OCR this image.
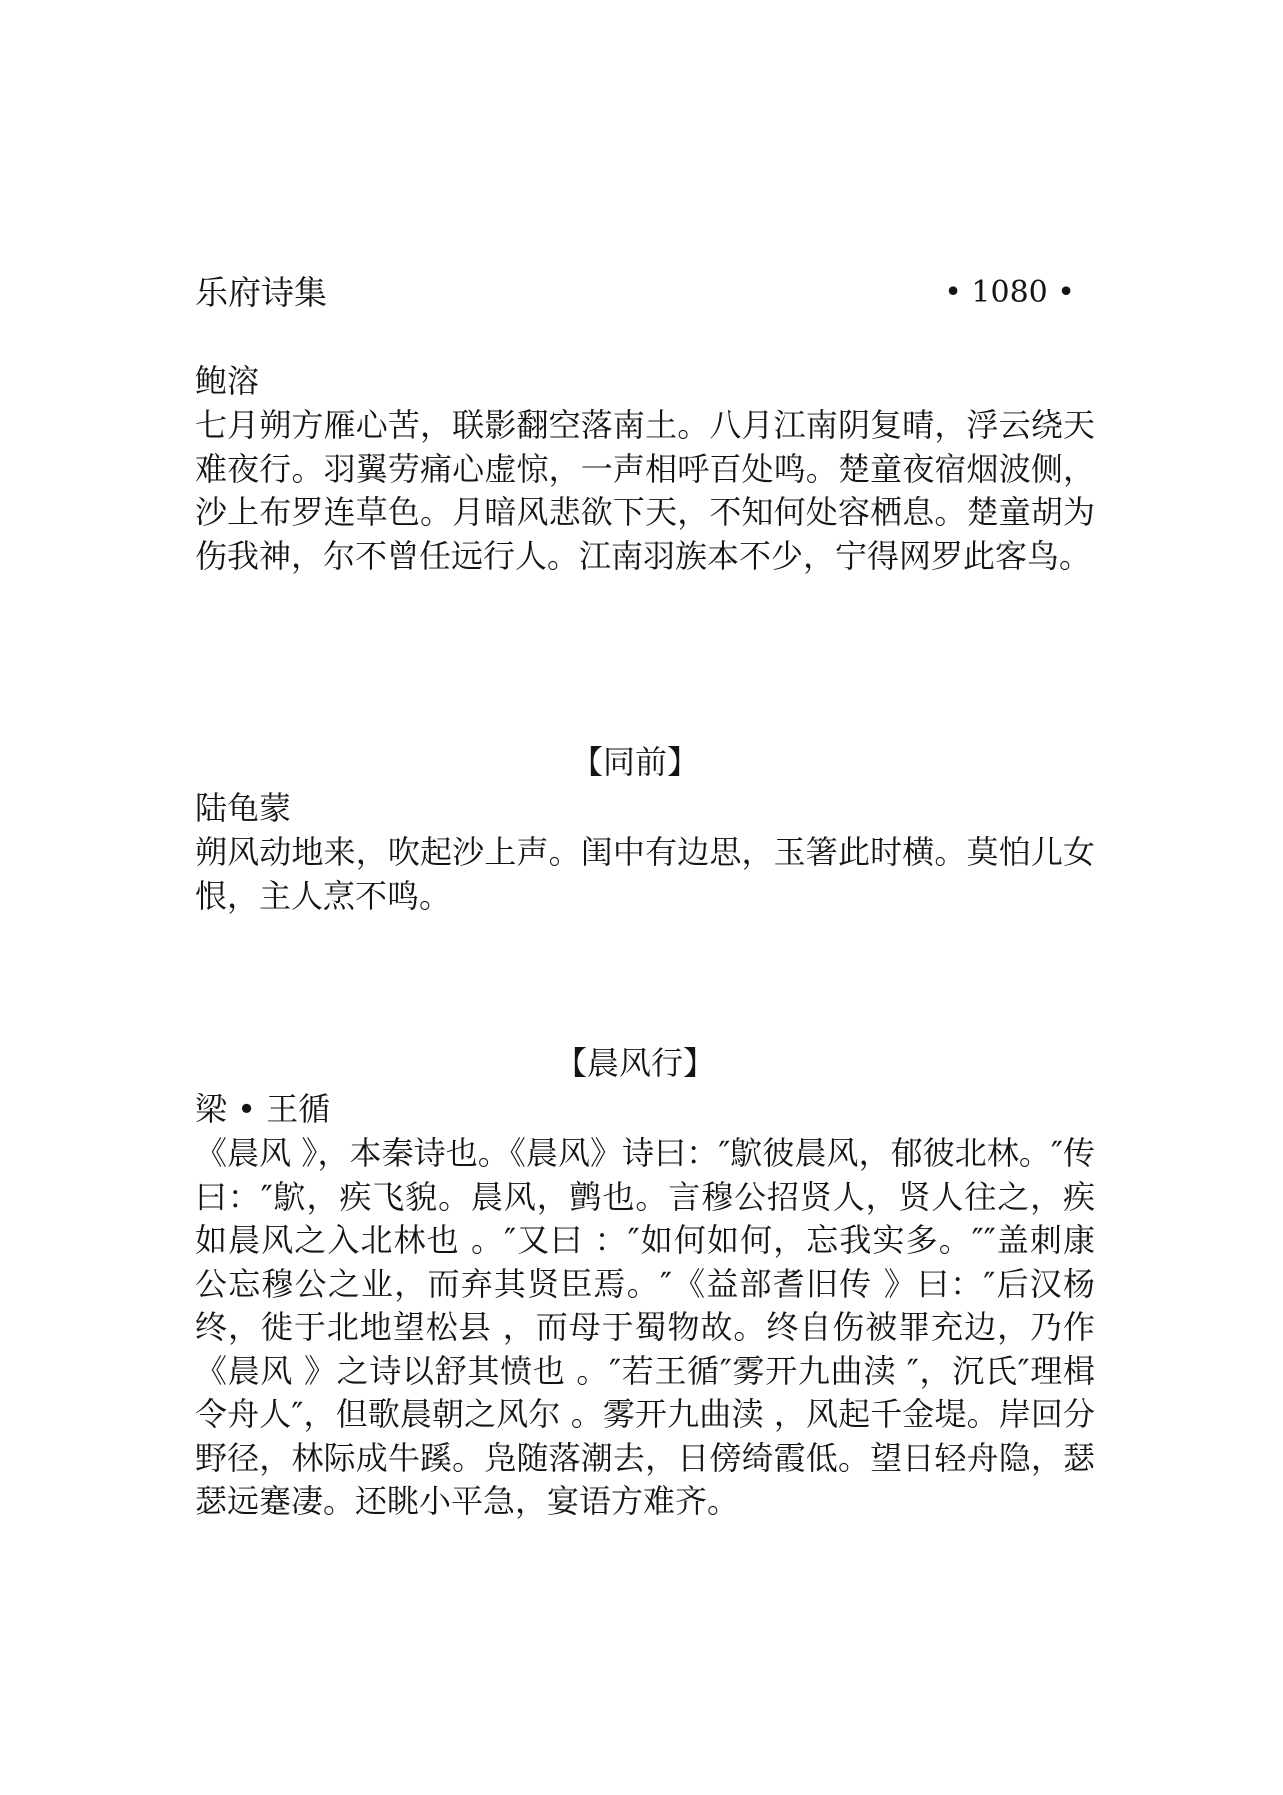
乐府诗集	• 1080 •
鲍溶
七月朔方雁心苦，联影翻空落南土。八月江南阴复晴，浮云绕天难夜行。羽翼劳痛心虚惊，一声相呼百处鸣。楚童夜宿烟波侧，沙上布罗连草色。月暗风悲欲下天，不知何处容栖息。楚童胡为伤我神，尔不曾任远行人。江南羽族本不少，宁得网罗此客鸟。
【同前】
陆龟蒙
朔风动地来，吹起沙上声。闺中有边思，玉箸此时横。莫怕儿女恨，主人烹不鸣。
【晨风行】
梁 • 王循
《晨风 》，本秦诗也。《晨风》诗曰：″鴥彼晨风，郁彼北林。″传曰：″鴥，疾飞貌。晨风，鹯也。言穆公招贤人，贤人往之，疾如晨风之入北林也 。″又曰 ：″如何如何，忘我实多。″″盖刺康公忘穆公之业，而弃其贤臣焉。″《益部耆旧传 》曰：″后汉杨终，徙于北地望松县 ，而母于蜀物故。终自伤被罪充边，乃作《晨风 》之诗以舒其愤也 。″若王循″雾开九曲渎 ″，沉氏″理楫令舟人″，但歌晨朝之风尔 。雾开九曲渎 ，风起千金堤。岸回分野径，林际成牛蹊。凫随落潮去，日傍绮霞低。望日轻舟隐，瑟瑟远蹇凄。还眺小平急，宴语方难齐。
